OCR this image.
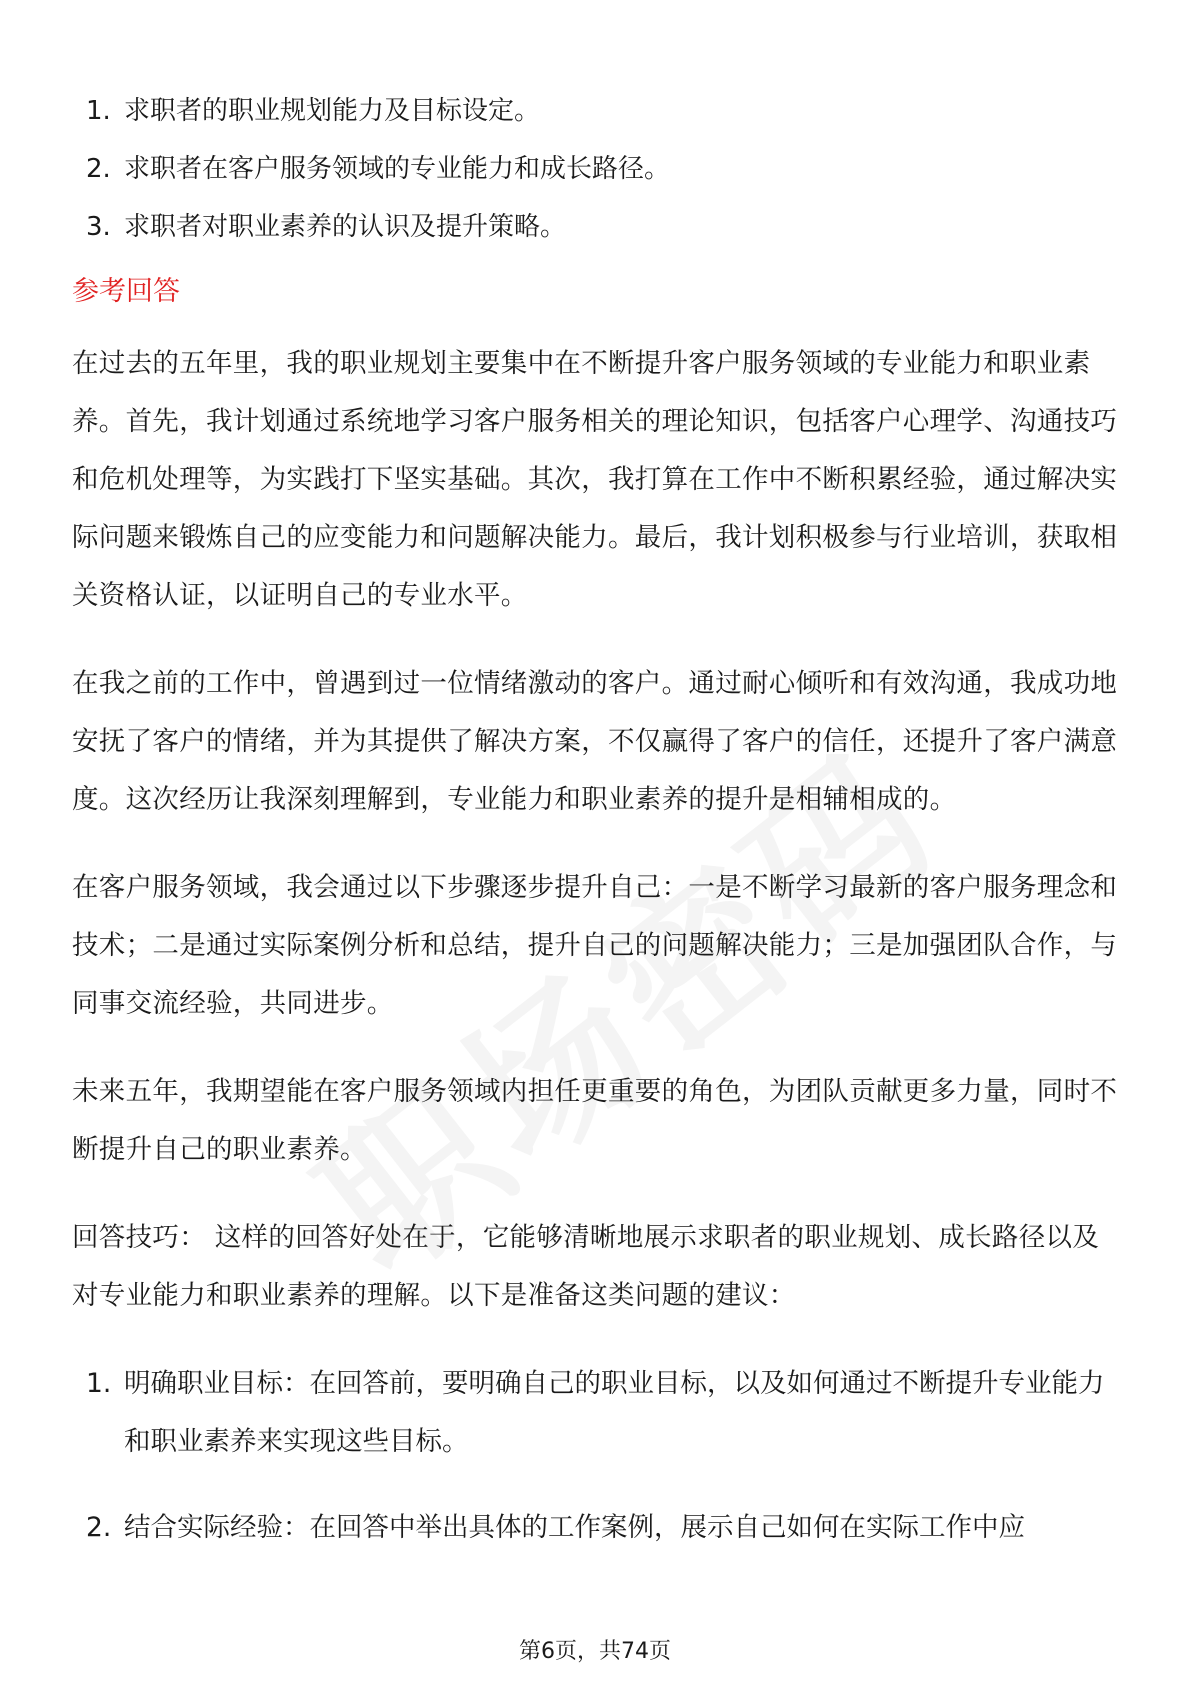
1. 求职者的职业规划能力及目标设定。
2. 求职者在客户服务领域的专业能力和成长路径。
3. 求职者对职业素养的认识及提升策略。
参考回答

在过去的五年里，我的职业规划主要集中在不断提升客户服务领域的专业能力和职业素养。首先，我计划通过系统地学习客户服务相关的理论知识，包括客户心理学、沟通技巧和危机处理等，为实践打下坚实基础。其次，我打算在工作中不断积累经验，通过解决实际问题来锻炼自己的应变能力和问题解决能力。最后，我计划积极参与行业培训，获取相关资格认证，以证明自己的专业水平。

在我之前的工作中，曾遇到过一位情绪激动的客户。通过耐心倾听和有效沟通，我成功地安抚了客户的情绪，并为其提供了解决方案，不仅赢得了客户的信任，还提升了客户满意度。这次经历让我深刻理解到，专业能力和职业素养的提升是相辅相成的。

在客户服务领域，我会通过以下步骤逐步提升自己：一是不断学习最新的客户服务理念和技术；二是通过实际案例分析和总结，提升自己的问题解决能力；三是加强团队合作，与同事交流经验，共同进步。

未来五年，我期望能在客户服务领域内担任更重要的角色，为团队贡献更多力量，同时不断提升自己的职业素养。

回答技巧： 这样的回答好处在于，它能够清晰地展示求职者的职业规划、成长路径以及对专业能力和职业素养的理解。以下是准备这类问题的建议：

1. 明确职业目标：在回答前，要明确自己的职业目标，以及如何通过不断提升专业能力和职业素养来实现这些目标。
2. 结合实际经验：在回答中举出具体的工作案例，展示自己如何在实际工作中应
第6页，共74页
